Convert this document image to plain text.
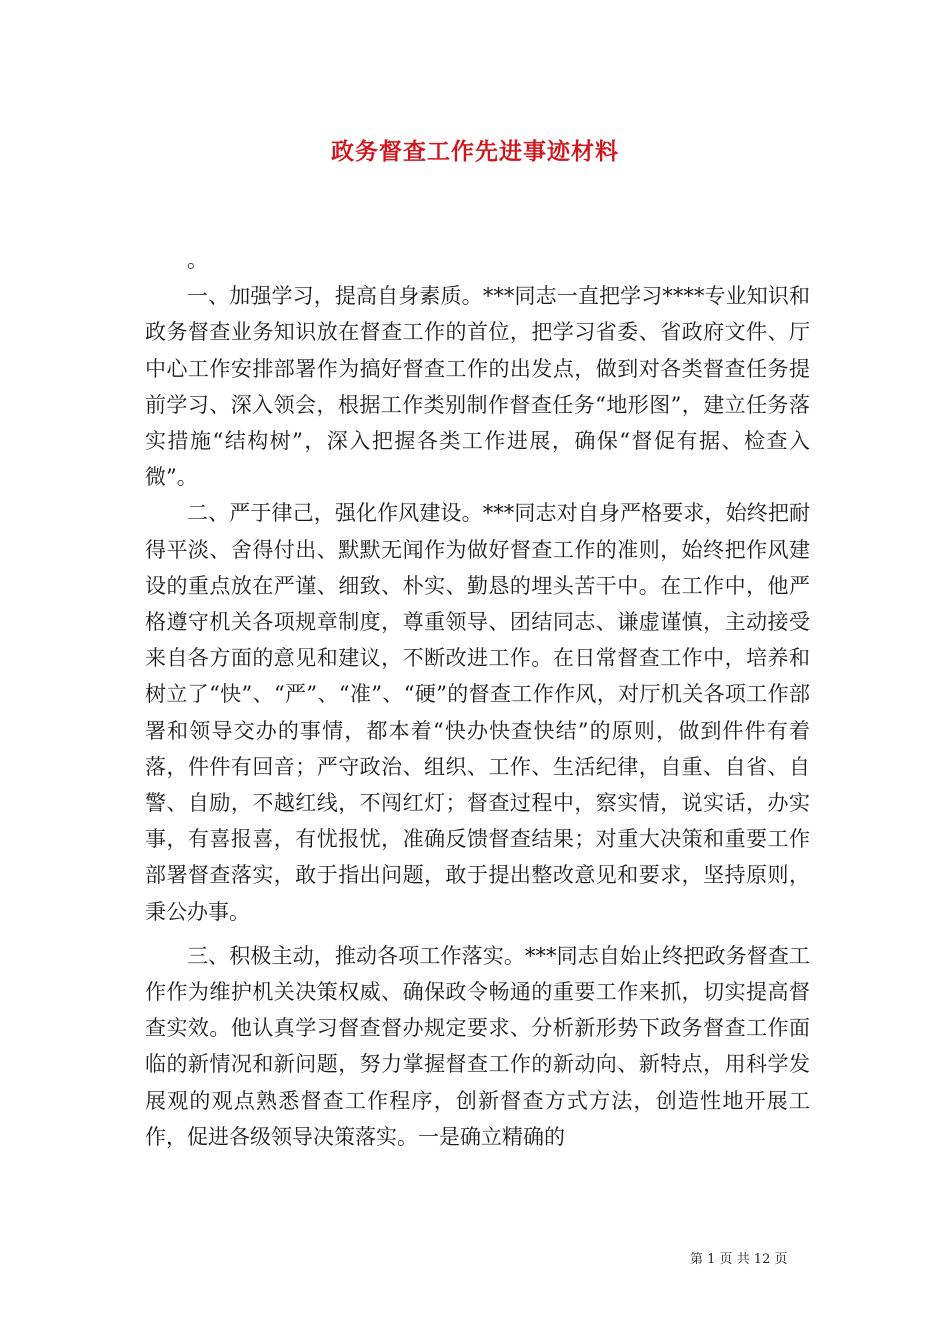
政务督查工作先进事迹材料

。

一、加强学习，提高自身素质。***同志一直把学习****专业知识和政务督查业务知识放在督查工作的首位，把学习省委、省政府文件、厅中心工作安排部署作为搞好督查工作的出发点，做到对各类督查任务提前学习、深入领会，根据工作类别制作督查任务“地形图”，建立任务落实措施“结构树”，深入把握各类工作进展，确保“督促有据、检查入微”。

二、严于律己，强化作风建设。***同志对自身严格要求，始终把耐得平淡、舍得付出、默默无闻作为做好督查工作的准则，始终把作风建设的重点放在严谨、细致、朴实、勤恳的埋头苦干中。在工作中，他严格遵守机关各项规章制度，尊重领导、团结同志、谦虚谨慎，主动接受来自各方面的意见和建议，不断改进工作。在日常督查工作中，培养和树立了“快”、“严”、“准”、“硬”的督查工作作风，对厅机关各项工作部署和领导交办的事情，都本着“快办快查快结”的原则，做到件件有着落，件件有回音；严守政治、组织、工作、生活纪律，自重、自省、自警、自励，不越红线，不闯红灯；督查过程中，察实情，说实话，办实事，有喜报喜，有忧报忧，准确反馈督查结果；对重大决策和重要工作部署督查落实，敢于指出问题，敢于提出整改意见和要求，坚持原则，秉公办事。

三、积极主动，推动各项工作落实。***同志自始止终把政务督查工作作为维护机关决策权威、确保政令畅通的重要工作来抓，切实提高督查实效。他认真学习督查督办规定要求、分析新形势下政务督查工作面临的新情况和新问题，努力掌握督查工作的新动向、新特点，用科学发展观的观点熟悉督查工作程序，创新督查方式方法，创造性地开展工作，促进各级领导决策落实。一是确立精确的

第 1 页 共 12 页
